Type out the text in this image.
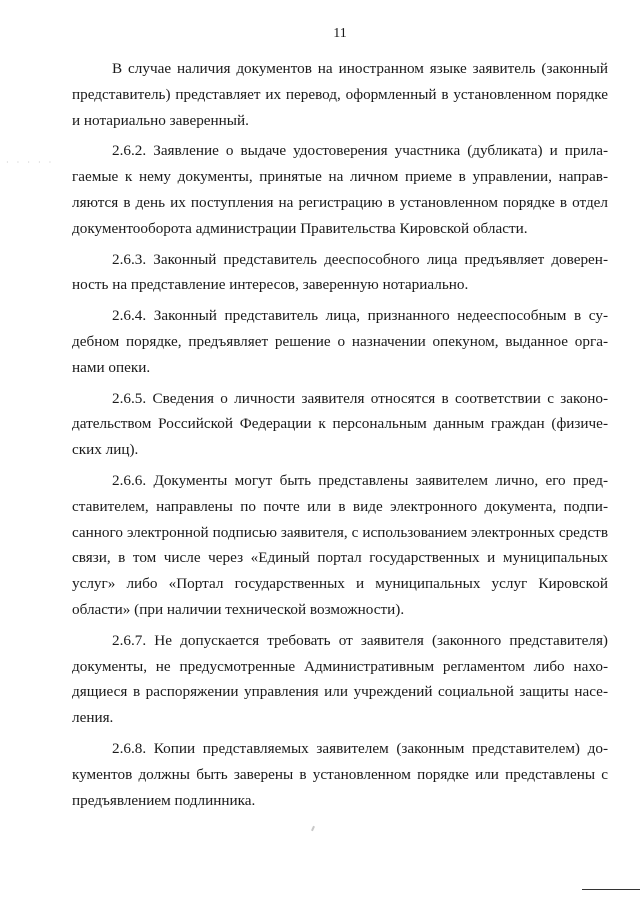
11
· · · · ·

В случае наличия документов на иностранном языке заявитель (законный представитель) представляет их перевод, оформленный в установленном порядке и нотариально заверенный.

2.6.2. Заявление о выдаче удостоверения участника (дубликата) и прилагаемые к нему документы, принятые на личном приеме в управлении, направляются в день их поступления на регистрацию в установленном порядке в отдел документооборота администрации Правительства Кировской области.

2.6.3. Законный представитель дееспособного лица предъявляет доверенность на представление интересов, заверенную нотариально.

2.6.4. Законный представитель лица, признанного недееспособным в судебном порядке, предъявляет решение о назначении опекуном, выданное органами опеки.

2.6.5. Сведения о личности заявителя относятся в соответствии с законодательством Российской Федерации к персональным данным граждан (физических лиц).

2.6.6. Документы могут быть представлены заявителем лично, его представителем, направлены по почте или в виде электронного документа, подписанного электронной подписью заявителя, с использованием электронных средств связи, в том числе через «Единый портал государственных и муниципальных услуг» либо «Портал государственных и муниципальных услуг Кировской области» (при наличии технической возможности).

2.6.7. Не допускается требовать от заявителя (законного представителя) документы, не предусмотренные Административным регламентом либо находящиеся в распоряжении управления или учреждений социальной защиты населения.

2.6.8. Копии представляемых заявителем (законным представителем) документов должны быть заверены в установленном порядке или представлены с предъявлением подлинника.
